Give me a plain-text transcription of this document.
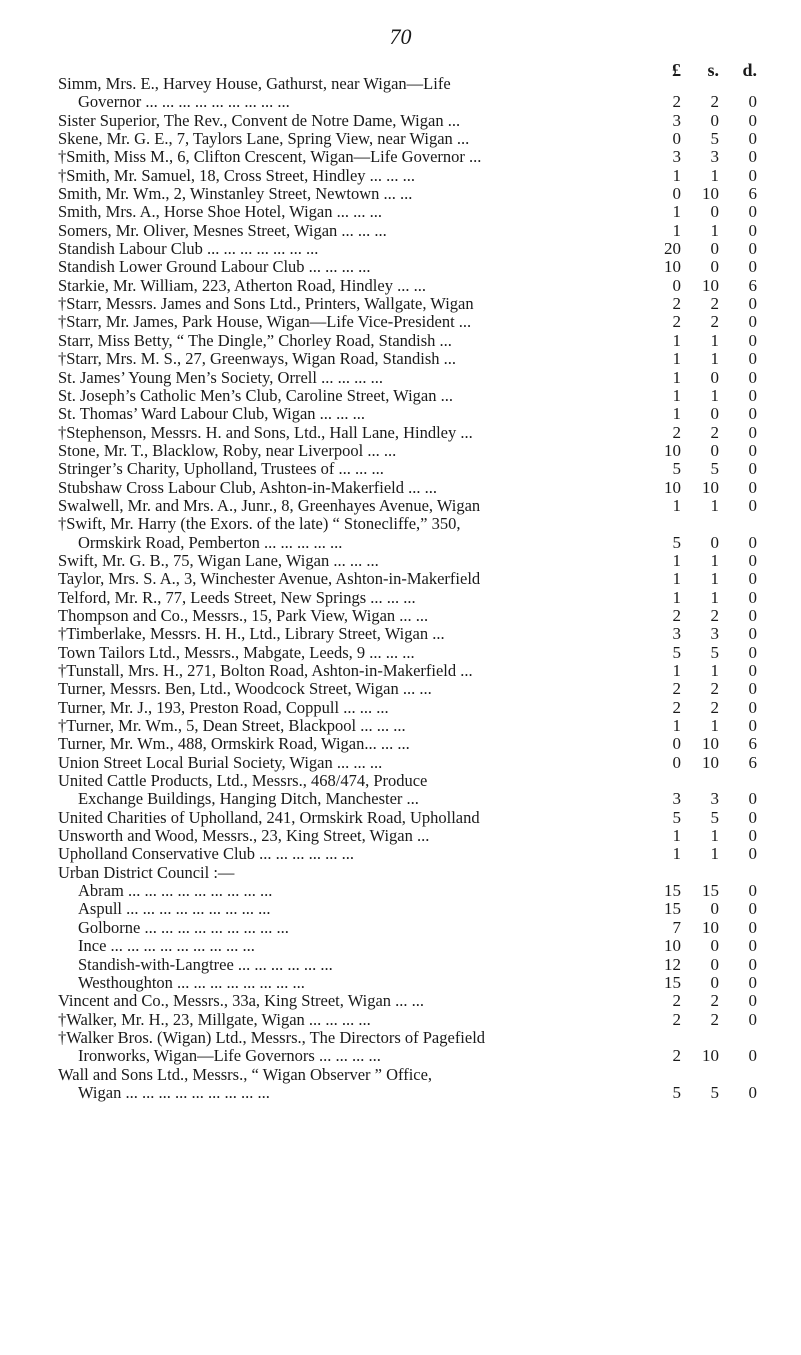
70
£	s.	d.
Simm, Mrs. E., Harvey House, Gathurst, near Wigan—Life
Governor ... ... ... ... ... ... ... ... ...	2	2	0
Sister Superior, The Rev., Convent de Notre Dame, Wigan ...	3	0	0
Skene, Mr. G. E., 7, Taylors Lane, Spring View, near Wigan ...	0	5	0
†Smith, Miss M., 6, Clifton Crescent, Wigan—Life Governor ...	3	3	0
†Smith, Mr. Samuel, 18, Cross Street, Hindley ... ... ...	1	1	0
Smith, Mr. Wm., 2, Winstanley Street, Newtown ... ...	0	10	6
Smith, Mrs. A., Horse Shoe Hotel, Wigan ... ... ...	1	0	0
Somers, Mr. Oliver, Mesnes Street, Wigan ... ... ...	1	1	0
Standish Labour Club ... ... ... ... ... ... ...	20	0	0
Standish Lower Ground Labour Club ... ... ... ...	10	0	0
Starkie, Mr. William, 223, Atherton Road, Hindley ... ...	0	10	6
†Starr, Messrs. James and Sons Ltd., Printers, Wallgate, Wigan	2	2	0
†Starr, Mr. James, Park House, Wigan—Life Vice-President ...	2	2	0
Starr, Miss Betty, “ The Dingle,” Chorley Road, Standish ...	1	1	0
†Starr, Mrs. M. S., 27, Greenways, Wigan Road, Standish ...	1	1	0
St. James’ Young Men’s Society, Orrell ... ... ... ...	1	0	0
St. Joseph’s Catholic Men’s Club, Caroline Street, Wigan ...	1	1	0
St. Thomas’ Ward Labour Club, Wigan ... ... ...	1	0	0
†Stephenson, Messrs. H. and Sons, Ltd., Hall Lane, Hindley ...	2	2	0
Stone, Mr. T., Blacklow, Roby, near Liverpool ... ...	10	0	0
Stringer’s Charity, Upholland, Trustees of ... ... ...	5	5	0
Stubshaw Cross Labour Club, Ashton-in-Makerfield ... ...	10	10	0
Swalwell, Mr. and Mrs. A., Junr., 8, Greenhayes Avenue, Wigan	1	1	0
†Swift, Mr. Harry (the Exors. of the late) “ Stonecliffe,” 350,
Ormskirk Road, Pemberton ... ... ... ... ...	5	0	0
Swift, Mr. G. B., 75, Wigan Lane, Wigan ... ... ...	1	1	0
Taylor, Mrs. S. A., 3, Winchester Avenue, Ashton-in-Makerfield	1	1	0
Telford, Mr. R., 77, Leeds Street, New Springs ... ... ...	1	1	0
Thompson and Co., Messrs., 15, Park View, Wigan ... ...	2	2	0
†Timberlake, Messrs. H. H., Ltd., Library Street, Wigan ...	3	3	0
Town Tailors Ltd., Messrs., Mabgate, Leeds, 9 ... ... ...	5	5	0
†Tunstall, Mrs. H., 271, Bolton Road, Ashton-in-Makerfield ...	1	1	0
Turner, Messrs. Ben, Ltd., Woodcock Street, Wigan ... ...	2	2	0
Turner, Mr. J., 193, Preston Road, Coppull ... ... ...	2	2	0
†Turner, Mr. Wm., 5, Dean Street, Blackpool ... ... ...	1	1	0
Turner, Mr. Wm., 488, Ormskirk Road, Wigan... ... ...	0	10	6
Union Street Local Burial Society, Wigan ... ... ...	0	10	6
United Cattle Products, Ltd., Messrs., 468/474, Produce
Exchange Buildings, Hanging Ditch, Manchester ...	3	3	0
United Charities of Upholland, 241, Ormskirk Road, Upholland	5	5	0
Unsworth and Wood, Messrs., 23, King Street, Wigan ...	1	1	0
Upholland Conservative Club ... ... ... ... ... ...	1	1	0
Urban District Council :—
Abram ... ... ... ... ... ... ... ... ...	15	15	0
Aspull ... ... ... ... ... ... ... ... ...	15	0	0
Golborne ... ... ... ... ... ... ... ... ...	7	10	0
Ince ... ... ... ... ... ... ... ... ...	10	0	0
Standish-with-Langtree ... ... ... ... ... ...	12	0	0
Westhoughton ... ... ... ... ... ... ... ...	15	0	0
Vincent and Co., Messrs., 33a, King Street, Wigan ... ...	2	2	0
†Walker, Mr. H., 23, Millgate, Wigan ... ... ... ...	2	2	0
†Walker Bros. (Wigan) Ltd., Messrs., The Directors of Pagefield
Ironworks, Wigan—Life Governors ... ... ... ...	2	10	0
Wall and Sons Ltd., Messrs., “ Wigan Observer ” Office,
Wigan ... ... ... ... ... ... ... ... ...	5	5	0
